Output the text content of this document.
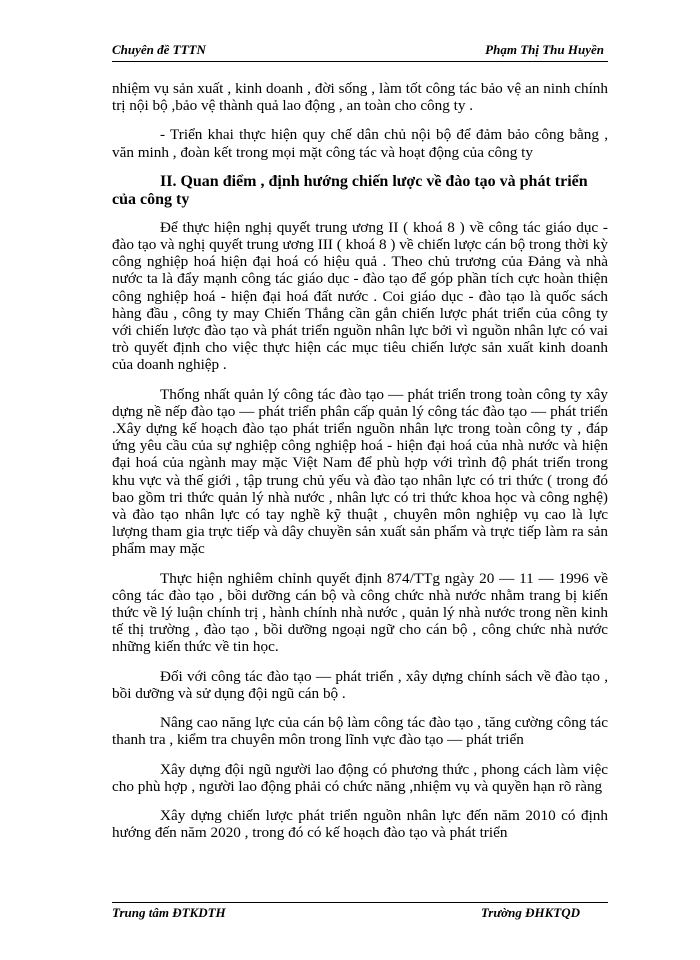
Chuyên đề TTTN	Phạm Thị Thu Huyền

nhiệm vụ sản xuất , kinh doanh , đời sống , làm tốt công tác bảo vệ an ninh chính trị nội bộ ,bảo vệ thành quả lao động , an toàn cho công ty .

- Triển khai thực hiện quy chế dân chủ nội bộ để đảm bảo công bằng , văn minh , đoàn kết trong mọi mặt công tác và hoạt động của công ty

II. Quan điểm , định hướng chiến lược về đào tạo và phát triển của công ty

Để thực hiện nghị quyết trung ương II ( khoá 8 ) về công tác giáo dục - đào tạo và nghị quyết trung ương III ( khoá 8 ) về chiến lược cán bộ trong thời kỳ công nghiệp hoá hiện đại hoá có hiệu quả . Theo chủ trương của Đảng và nhà nước ta là đẩy mạnh công tác giáo dục - đào tạo để góp phần tích cực hoàn thiện công nghiệp hoá - hiện đại hoá đất nước . Coi giáo dục - đào tạo là quốc sách hàng đầu , công ty may Chiến Thắng cần gắn chiến lược phát triển của công ty với chiến lược đào tạo và phát triển nguồn nhân lực bởi vì nguồn nhân lực có vai trò quyết định cho việc thực hiện các mục tiêu chiến lược sản xuất kinh doanh của doanh nghiệp .

Thống nhất quản lý công tác đào tạo — phát triển trong toàn công ty xây dựng nề nếp đào tạo — phát triển phân cấp quản lý công tác đào tạo — phát triển .Xây dựng kế hoạch đào tạo phát triển nguồn nhân lực trong toàn công ty , đáp ứng yêu cầu của sự nghiệp công nghiệp hoá - hiện đại hoá của nhà nước và hiện đại hoá của ngành may mặc Việt Nam để phù hợp với trình độ phát triển trong khu vực và thế giới , tập trung chủ yếu và đào tạo nhân lực có tri thức ( trong đó bao gồm tri thức quản lý nhà nước , nhân lực có tri thức khoa học và công nghệ) và đào tạo nhân lực có tay nghề kỹ thuật , chuyên môn nghiệp vụ cao là lực lượng tham gia trực tiếp và dây chuyền sản xuất sản phẩm và trực tiếp làm ra sản phẩm may mặc

Thực hiện nghiêm chỉnh quyết định 874/TTg ngày 20 — 11 — 1996 về công tác đào tạo , bồi dưỡng cán bộ và công chức nhà nước nhằm trang bị kiến thức về lý luận chính trị , hành chính nhà nước , quản lý nhà nước trong nền kinh tế thị trường , đào tạo , bồi dưỡng ngoại ngữ cho cán bộ , công chức nhà nước những kiến thức về tin học.

Đối với công tác đào tạo — phát triển , xây dựng chính sách về đào tạo , bồi dưỡng và sử dụng đội ngũ cán bộ .

Nâng cao năng lực của cán bộ làm công tác đào tạo , tăng cường công tác thanh tra , kiểm tra chuyên môn trong lĩnh vực đào tạo — phát triển

Xây dựng đội ngũ người lao động có phương thức , phong cách làm việc cho phù hợp , người lao động phải có chức năng ,nhiệm vụ và quyền hạn rõ ràng

Xây dựng chiến lược phát triển nguồn nhân lực đến năm 2010 có định hướng đến năm 2020 , trong đó có kế hoạch đào tạo và phát triển

Trung tâm ĐTKDTH	Trường ĐHKTQD
